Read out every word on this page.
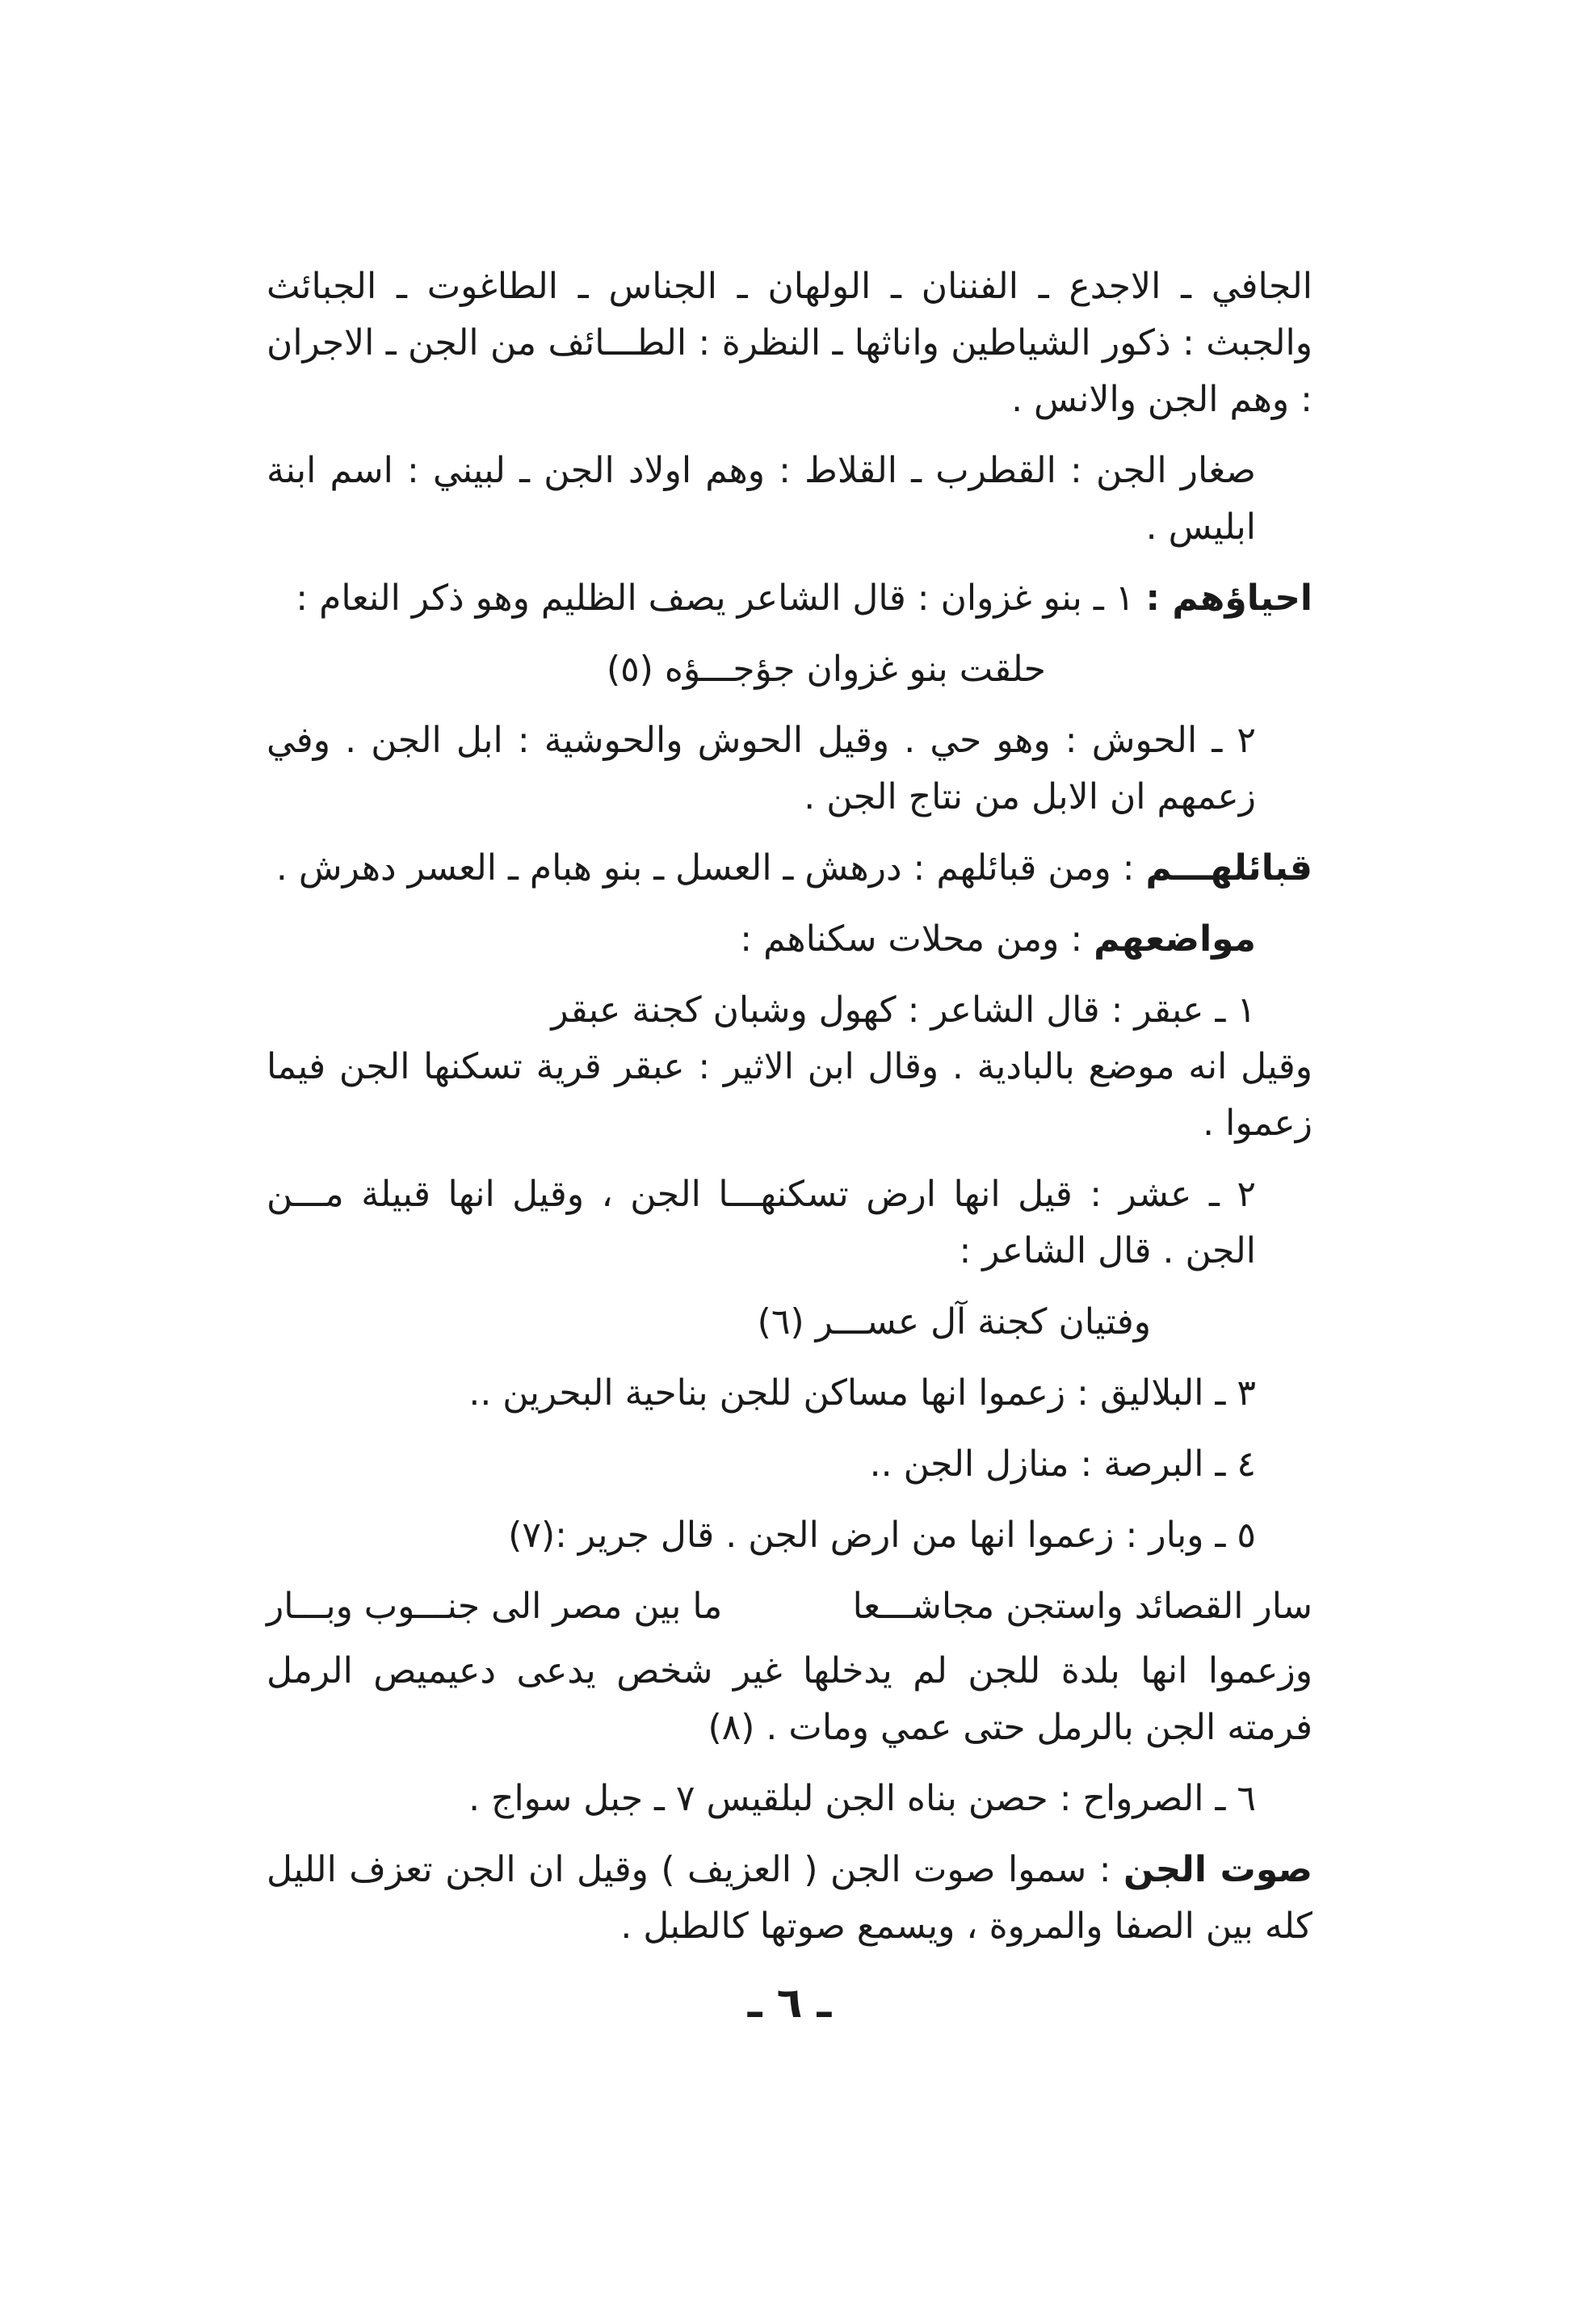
الجافي ـ الاجدع ـ الفننان ـ الولهان ـ الجناس ـ الطاغوت ـ الجبائث والجبث : ذكور الشياطين واناثها ـ النظرة : الطـــائف من الجن ـ الاجران : وهم الجن والانس .

صغار الجن : القطرب ـ القلاط : وهم اولاد الجن ـ لبيني : اسم ابنة ابليس .

احياؤهم : ١ ـ بنو غزوان : قال الشاعر يصف الظليم وهو ذكر النعام :

حلقت بنو غزوان جؤجـــؤه (٥)

٢ ـ الحوش : وهو حي . وقيل الحوش والحوشية : ابل الجن . وفي زعمهم ان الابل من نتاج الجن .

قبائلهـــم : ومن قبائلهم : درهش ـ العسل ـ بنو هبام ـ العسر دهرش .

مواضعهم : ومن محلات سكناهم :

١ ـ عبقر : قال الشاعر : كهول وشبان كجنة عبقر
وقيل انه موضع بالبادية . وقال ابن الاثير : عبقر قرية تسكنها الجن فيما زعموا .

٢ ـ عشر : قيل انها ارض تسكنهـــا الجن ، وقيل انها قبيلة مـــن الجن . قال الشاعر :

وفتيان كجنة آل عســـر (٦)

٣ ـ البلاليق : زعموا انها مساكن للجن بناحية البحرين ..

٤ ـ البرصة : منازل الجن ..

٥ ـ وبار : زعموا انها من ارض الجن . قال جرير :(٧)

سار القصائد واستجن مجاشـــعا
ما بين مصر الى جنـــوب وبـــار

وزعموا انها بلدة للجن لم يدخلها غير شخص يدعى دعيميص الرمل فرمته الجن بالرمل حتى عمي ومات . (٨)

٦ ـ الصرواح : حصن بناه الجن لبلقيس ٧ ـ جبل سواج .

صوت الجن : سموا صوت الجن ( العزيف ) وقيل ان الجن تعزف الليل كله بين الصفا والمروة ، ويسمع صوتها كالطبل .

ـ ٦ ـ
